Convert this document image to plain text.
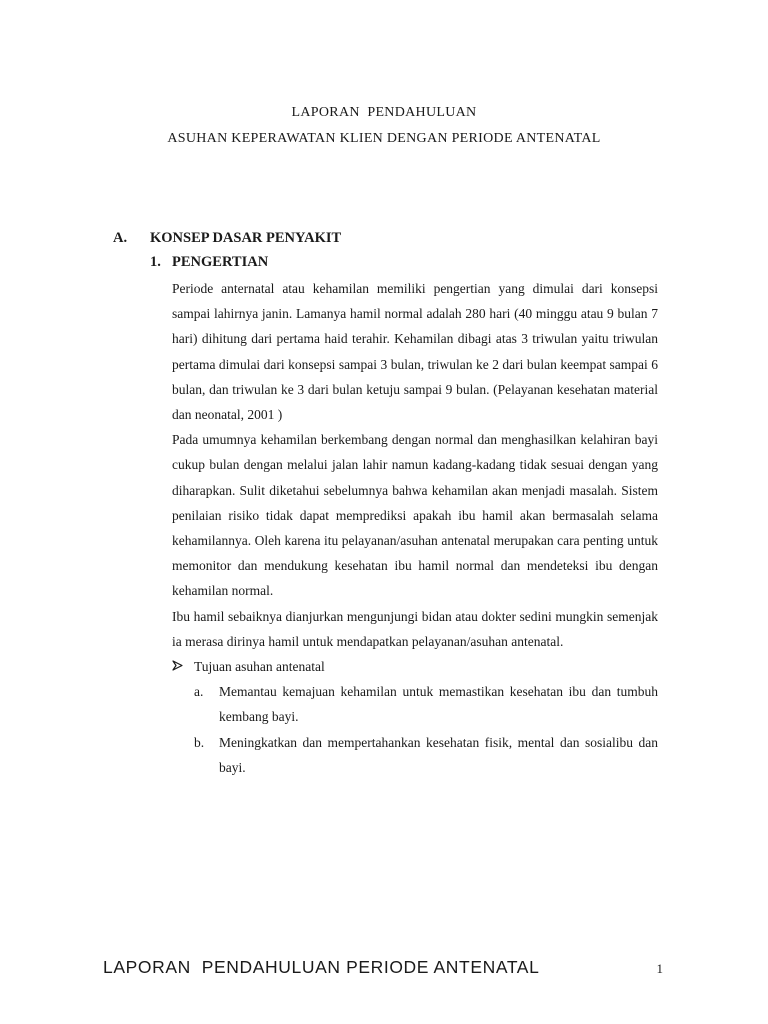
LAPORAN  PENDAHULUAN
ASUHAN KEPERAWATAN KLIEN DENGAN PERIODE ANTENATAL
A.	KONSEP DASAR PENYAKIT
1. PENGERTIAN

Periode anternatal atau kehamilan memiliki pengertian yang dimulai dari konsepsi sampai lahirnya janin. Lamanya hamil normal adalah 280 hari (40 minggu atau 9 bulan 7 hari) dihitung dari pertama haid terahir. Kehamilan dibagi atas 3 triwulan yaitu triwulan pertama dimulai dari konsepsi sampai 3 bulan, triwulan ke 2 dari bulan keempat sampai 6 bulan, dan triwulan ke 3 dari bulan ketuju sampai 9 bulan. (Pelayanan kesehatan material dan neonatal, 2001 )

Pada umumnya kehamilan berkembang dengan normal dan menghasilkan kelahiran bayi cukup bulan dengan melalui jalan lahir namun kadang-kadang tidak sesuai dengan yang diharapkan. Sulit diketahui sebelumnya bahwa kehamilan akan menjadi masalah. Sistem penilaian risiko tidak dapat memprediksi apakah ibu hamil akan bermasalah selama kehamilannya. Oleh karena itu pelayanan/asuhan antenatal merupakan cara penting untuk memonitor dan mendukung kesehatan ibu hamil normal dan mendeteksi ibu dengan kehamilan normal.

Ibu hamil sebaiknya dianjurkan mengunjungi bidan atau dokter sedini mungkin semenjak ia merasa dirinya hamil untuk mendapatkan pelayanan/asuhan antenatal.

Tujuan asuhan antenatal
a.	Memantau kemajuan kehamilan untuk memastikan kesehatan ibu dan tumbuh kembang bayi.
b.	Meningkatkan dan mempertahankan kesehatan fisik, mental dan sosialibu dan bayi.
LAPORAN  PENDAHULUAN PERIODE ANTENATAL	1
